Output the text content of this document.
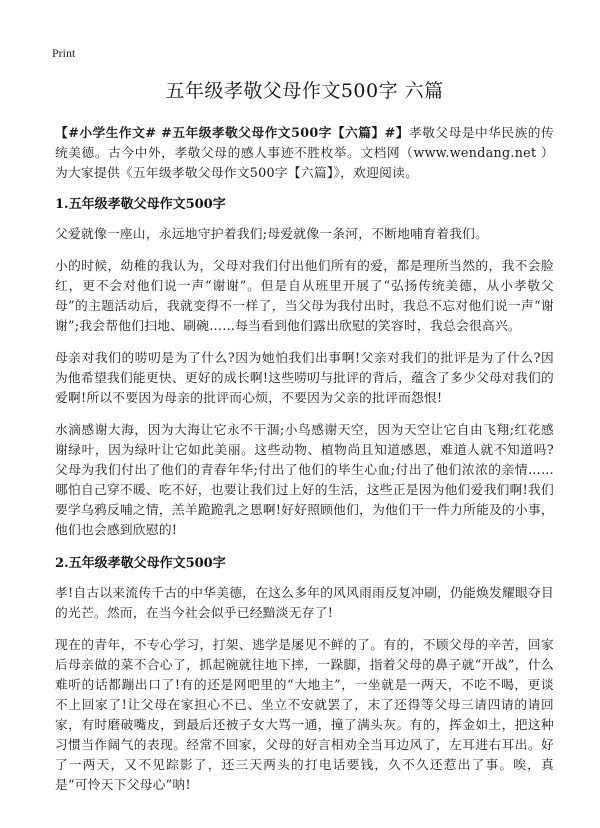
Print
五年级孝敬父母作文500字 六篇

【#小学生作文# #五年级孝敬父母作文500字【六篇】#】孝敬父母是中华民族的传统美德。古今中外，孝敬父母的感人事迹不胜枚举。文档网（www.wendang.net ）为大家提供《五年级孝敬父母作文500字【六篇】》，欢迎阅读。

1.五年级孝敬父母作文500字

父爱就像一座山，永远地守护着我们;母爱就像一条河，不断地哺育着我们。

小的时候，幼稚的我认为，父母对我们付出他们所有的爱，都是理所当然的，我不会脸红，更不会对他们说一声“谢谢”。但是自从班里开展了“弘扬传统美德，从小孝敬父母”的主题活动后，我就变得不一样了，当父母为我付出时，我总不忘对他们说一声“谢谢”;我会帮他们扫地、刷碗……每当看到他们露出欣慰的笑容时，我总会很高兴。

母亲对我们的唠叨是为了什么?因为她怕我们出事啊!父亲对我们的批评是为了什么?因为他希望我们能更快、更好的成长啊!这些唠叨与批评的背后，蕴含了多少父母对我们的爱啊!所以不要因为母亲的批评而心烦，不要因为父亲的批评而怨恨!

水滴感谢大海，因为大海让它永不干涸;小鸟感谢天空，因为天空让它自由飞翔;红花感谢绿叶，因为绿叶让它如此美丽。这些动物、植物尚且知道感恩，难道人就不知道吗?父母为我们付出了他们的青春年华;付出了他们的毕生心血;付出了他们浓浓的亲情……哪怕自己穿不暖、吃不好，也要让我们过上好的生活，这些正是因为他们爱我们啊!我们要学乌鸦反哺之情，羔羊跪跪乳之恩啊!好好照顾他们，为他们干一件力所能及的小事，他们也会感到欣慰的!

2.五年级孝敬父母作文500字

孝!自古以来流传千古的中华美德，在这么多年的风风雨雨反复冲刷，仍能焕发耀眼夺目的光芒。然而，在当今社会似乎已经黯淡无存了!

现在的青年，不专心学习，打架、逃学是屡见不鲜的了。有的，不顾父母的辛苦，回家后母亲做的菜不合心了，抓起碗就往地下摔，一跺脚，指着父母的鼻子就“开战”，什么难听的话都蹦出口了!有的还是网吧里的“大地主”，一坐就是一两天，不吃不喝，更谈不上回家了!让父母在家担心不已、坐立不安就罢了，末了还得等父母三请四请的请回家，有时磨破嘴皮，到最后还被子女大骂一通，撞了满头灰。有的，挥金如土，把这种习惯当作阔气的表现。经常不回家，父母的好言相劝全当耳边风了，左耳进右耳出。好了一两天，又不见踪影了，还三天两头的打电话要钱，久不久还惹出了事。唉，真是“可怜天下父母心”呐!
